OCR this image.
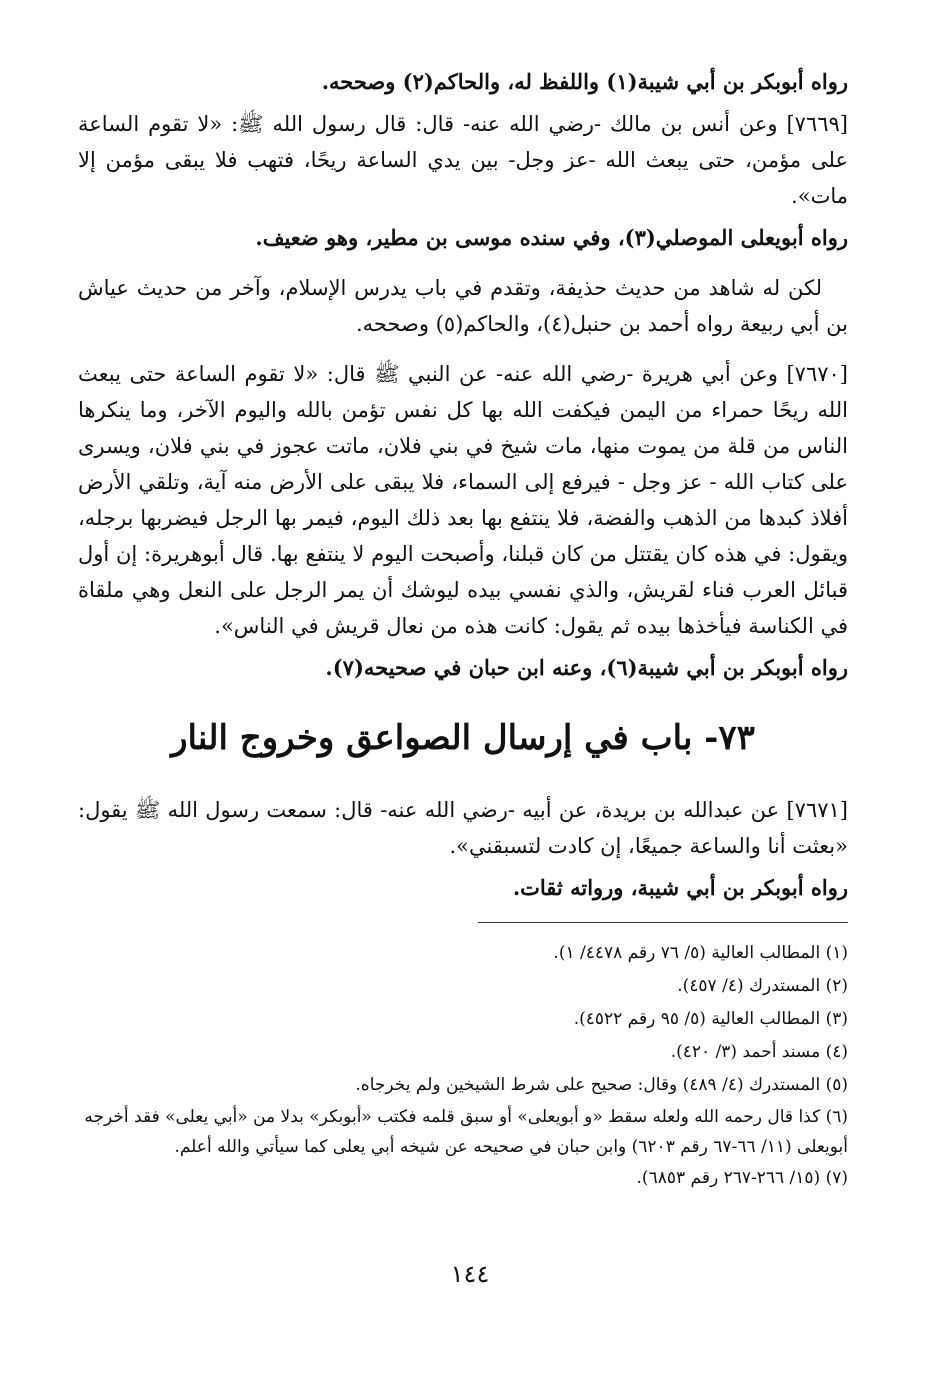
رواه أبوبكر بن أبي شيبة(١) واللفظ له، والحاكم(٢) وصححه.

[٧٦٦٩] وعن أنس بن مالك -رضي الله عنه- قال: قال رسول الله ﷺ: «لا تقوم الساعة على مؤمن، حتى يبعث الله -عز وجل- بين يدي الساعة ريحًا، فتهب فلا يبقى مؤمن إلا مات».

رواه أبويعلى الموصلي(٣)، وفي سنده موسى بن مطير، وهو ضعيف.

لكن له شاهد من حديث حذيفة، وتقدم في باب يدرس الإسلام، وآخر من حديث عياش بن أبي ربيعة رواه أحمد بن حنبل(٤)، والحاكم(٥) وصححه.

[٧٦٧٠] وعن أبي هريرة -رضي الله عنه- عن النبي ﷺ قال: «لا تقوم الساعة حتى يبعث الله ريحًا حمراء من اليمن فيكفت الله بها كل نفس تؤمن بالله واليوم الآخر، وما ينكرها الناس من قلة من يموت منها، مات شيخ في بني فلان، ماتت عجوز في بني فلان، ويسرى على كتاب الله - عز وجل - فيرفع إلى السماء، فلا يبقى على الأرض منه آية، وتلقي الأرض أفلاذ كبدها من الذهب والفضة، فلا ينتفع بها بعد ذلك اليوم، فيمر بها الرجل فيضربها برجله، ويقول: في هذه كان يقتتل من كان قبلنا، وأصبحت اليوم لا ينتفع بها. قال أبوهريرة: إن أول قبائل العرب فناء لقريش، والذي نفسي بيده ليوشك أن يمر الرجل على النعل وهي ملقاة في الكناسة فيأخذها بيده ثم يقول: كانت هذه من نعال قريش في الناس».

رواه أبوبكر بن أبي شيبة(٦)، وعنه ابن حبان في صحيحه(٧).

٧٣- باب في إرسال الصواعق وخروج النار

[٧٦٧١] عن عبدالله بن بريدة، عن أبيه -رضي الله عنه- قال: سمعت رسول الله ﷺ يقول: «بعثت أنا والساعة جميعًا، إن كادت لتسبقني».

رواه أبوبكر بن أبي شيبة، ورواته ثقات.

(١) المطالب العالية (٥/ ٧٦ رقم ٤٤٧٨/ ١).

(٢) المستدرك (٤/ ٤٥٧).

(٣) المطالب العالية (٥/ ٩٥ رقم ٤٥٢٢).

(٤) مسند أحمد (٣/ ٤٢٠).

(٥) المستدرك (٤/ ٤٨٩) وقال: صحيح على شرط الشيخين ولم يخرجاه.

(٦) كذا قال رحمه الله ولعله سقط «و أبويعلى» أو سبق قلمه فكتب «أبوبكر» بدلا من «أبي يعلى» فقد أخرجه أبويعلى (١١/ ٦٦-٦٧ رقم ٦٢٠٣) وابن حبان في صحيحه عن شيخه أبي يعلى كما سيأتي والله أعلم.

(٧) (١٥/ ٢٦٦-٢٦٧ رقم ٦٨٥٣).

١٤٤
